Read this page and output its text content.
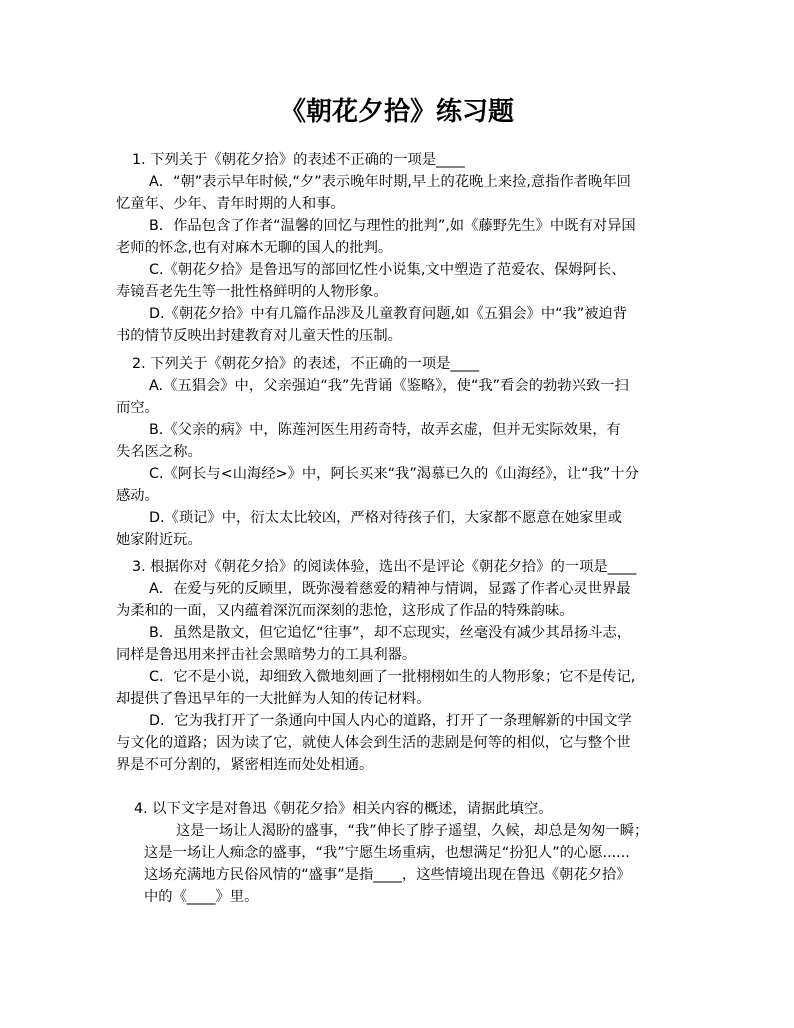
《朝花夕拾》练习题
1. 下列关于《朝花夕拾》的表述不正确的一项是____
A．“朝”表示早年时候,“夕”表示晚年时期,早上的花晚上来捡,意指作者晚年回
忆童年、少年、青年时期的人和事。
B．作品包含了作者“温馨的回忆与理性的批判”,如《藤野先生》中既有对异国
老师的怀念,也有对麻木无聊的国人的批判。
C.《朝花夕拾》是鲁迅写的部回忆性小说集,文中塑造了范爱农、保姆阿长、
寿镜吾老先生等一批性格鲜明的人物形象。
D.《朝花夕拾》中有几篇作品涉及儿童教育问题,如《五猖会》中“我”被迫背
书的情节反映出封建教育对儿童天性的压制。
2. 下列关于《朝花夕拾》的表述，不正确的一项是____
A.《五猖会》中，父亲强迫“我”先背诵《鉴略》，使“我”看会的勃勃兴致一扫
而空。
B.《父亲的病》中，陈莲河医生用药奇特，故弄玄虚，但并无实际效果，有
失名医之称。
C.《阿长与<山海经>》中，阿长买来“我”渴慕已久的《山海经》，让“我”十分
感动。
D.《琐记》中，衍太太比较凶，严格对待孩子们，大家都不愿意在她家里或
她家附近玩。
3. 根据你对《朝花夕拾》的阅读体验，选出不是评论《朝花夕拾》的一项是____
A．在爱与死的反顾里，既弥漫着慈爱的精神与情调，显露了作者心灵世界最
为柔和的一面，又内蕴着深沉而深刻的悲怆，这形成了作品的特殊韵味。
B．虽然是散文，但它追忆“往事”，却不忘现实，丝毫没有减少其昂扬斗志，
同样是鲁迅用来抨击社会黑暗势力的工具利器。
C．它不是小说，却细致入微地刻画了一批栩栩如生的人物形象；它不是传记,
却提供了鲁迅早年的一大批鲜为人知的传记材料。
D．它为我打开了一条通向中国人内心的道路，打开了一条理解新的中国文学
与文化的道路；因为读了它，就使人体会到生活的悲剧是何等的相似，它与整个世
界是不可分割的，紧密相连而处处相通。
4. 以下文字是对鲁迅《朝花夕拾》相关内容的概述，请据此填空。
这是一场让人渴盼的盛事，“我”伸长了脖子遥望，久候，却总是匆匆一瞬；
这是一场让人痴念的盛事，“我”宁愿生场重病，也想满足“扮犯人”的心愿......
这场充满地方民俗风情的“盛事”是指____，这些情境出现在鲁迅《朝花夕拾》
中的《____》里。
